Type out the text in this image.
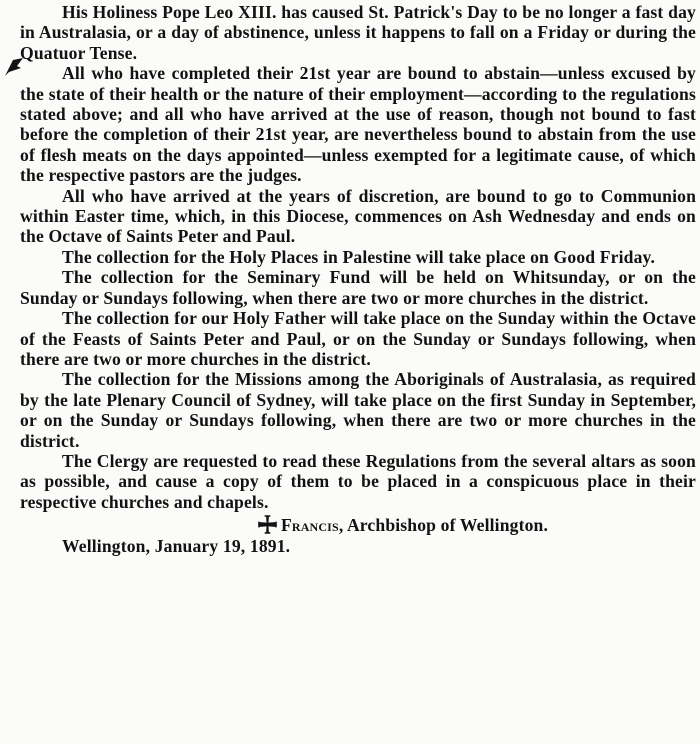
His Holiness Pope Leo XIII. has caused St. Patrick's Day to be no longer a fast day in Australasia, or a day of abstinence, unless it happens to fall on a Friday or during the Quatuor Tense.

All who have completed their 21st year are bound to abstain—unless excused by the state of their health or the nature of their employment—according to the regulations stated above; and all who have arrived at the use of reason, though not bound to fast before the completion of their 21st year, are nevertheless bound to abstain from the use of flesh meats on the days appointed—unless exempted for a legitimate cause, of which the respective pastors are the judges.

All who have arrived at the years of discretion, are bound to go to Communion within Easter time, which, in this Diocese, commences on Ash Wednesday and ends on the Octave of Saints Peter and Paul.

The collection for the Holy Places in Palestine will take place on Good Friday.

The collection for the Seminary Fund will be held on Whitsunday, or on the Sunday or Sundays following, when there are two or more churches in the district.

The collection for our Holy Father will take place on the Sunday within the Octave of the Feasts of Saints Peter and Paul, or on the Sunday or Sundays following, when there are two or more churches in the district.

The collection for the Missions among the Aboriginals of Australasia, as required by the late Plenary Council of Sydney, will take place on the first Sunday in September, or on the Sunday or Sundays following, when there are two or more churches in the district.

The Clergy are requested to read these Regulations from the several altars as soon as possible, and cause a copy of them to be placed in a conspicuous place in their respective churches and chapels.

Francis, Archbishop of Wellington.

Wellington, January 19, 1891.
